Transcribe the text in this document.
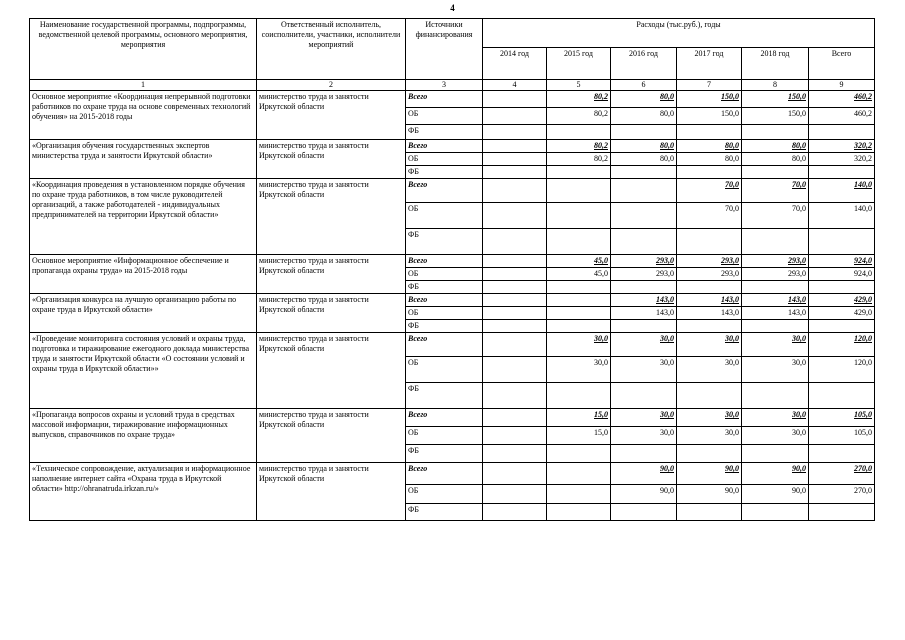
4
Наименование государственной программы, подпрограммы, ведомственной целевой программы, основного мероприятия, мероприятия	Ответственный исполнитель, соисполнители, участники, исполнители мероприятий	Источники финансирования	Расходы (тыс.руб.), годы					
			2014 год	2015 год	2016 год	2017 год	2018 год	Всего
1	2	3	4	5	6	7	8	9
Основное мероприятие «Координация непрерывной подготовки работников по охране труда на основе современных технологий обучения» на 2015-2018 годы	министерство труда и занятости Иркутской области	Всего		80,2	80,0	150,0	150,0	460,2
		ОБ		80,2	80,0	150,0	150,0	460,2
		ФБ						
«Организация обучения государственных экспертов министерства труда и занятости Иркутской области»	министерство труда и занятости Иркутской области	Всего		80,2	80,0	80,0	80,0	320,2
		ОБ		80,2	80,0	80,0	80,0	320,2
		ФБ						
«Координация проведения в установленном порядке обучения по охране труда работников, в том числе руководителей организаций, а также работодателей - индивидуальных предпринимателей на территории Иркутской области»	министерство труда и занятости Иркутской области	Всего				70,0	70,0	140,0
		ОБ				70,0	70,0	140,0
		ФБ						
Основное мероприятие «Информационное обеспечение и пропаганда охраны труда» на 2015-2018 годы	министерство труда и занятости Иркутской области	Всего		45,0	293,0	293,0	293,0	924,0
		ОБ		45,0	293,0	293,0	293,0	924,0
		ФБ						
«Организация конкурса на лучшую организацию работы по охране труда в Иркутской области»	министерство труда и занятости Иркутской области	Всего			143,0	143,0	143,0	429,0
		ОБ			143,0	143,0	143,0	429,0
		ФБ						
«Проведение мониторинга состояния условий и охраны труда, подготовка и тиражирование ежегодного доклада министерства труда и занятости Иркутской области «О состоянии условий и охраны труда в Иркутской области»»	министерство труда и занятости Иркутской области	Всего		30,0	30,0	30,0	30,0	120,0
		ОБ		30,0	30,0	30,0	30,0	120,0
		ФБ						
«Пропаганда вопросов охраны и условий труда в средствах массовой информации, тиражирование информационных выпусков, справочников по охране труда»	министерство труда и занятости Иркутской области	Всего		15,0	30,0	30,0	30,0	105,0
		ОБ		15,0	30,0	30,0	30,0	105,0
		ФБ						
«Техническое сопровождение, актуализация и информационное наполнение интернет сайта «Охрана труда в Иркутской области» http://ohranatruda.irkzan.ru/»	министерство труда и занятости Иркутской области	Всего			90,0	90,0	90,0	270,0
		ОБ			90,0	90,0	90,0	270,0
		ФБ						
